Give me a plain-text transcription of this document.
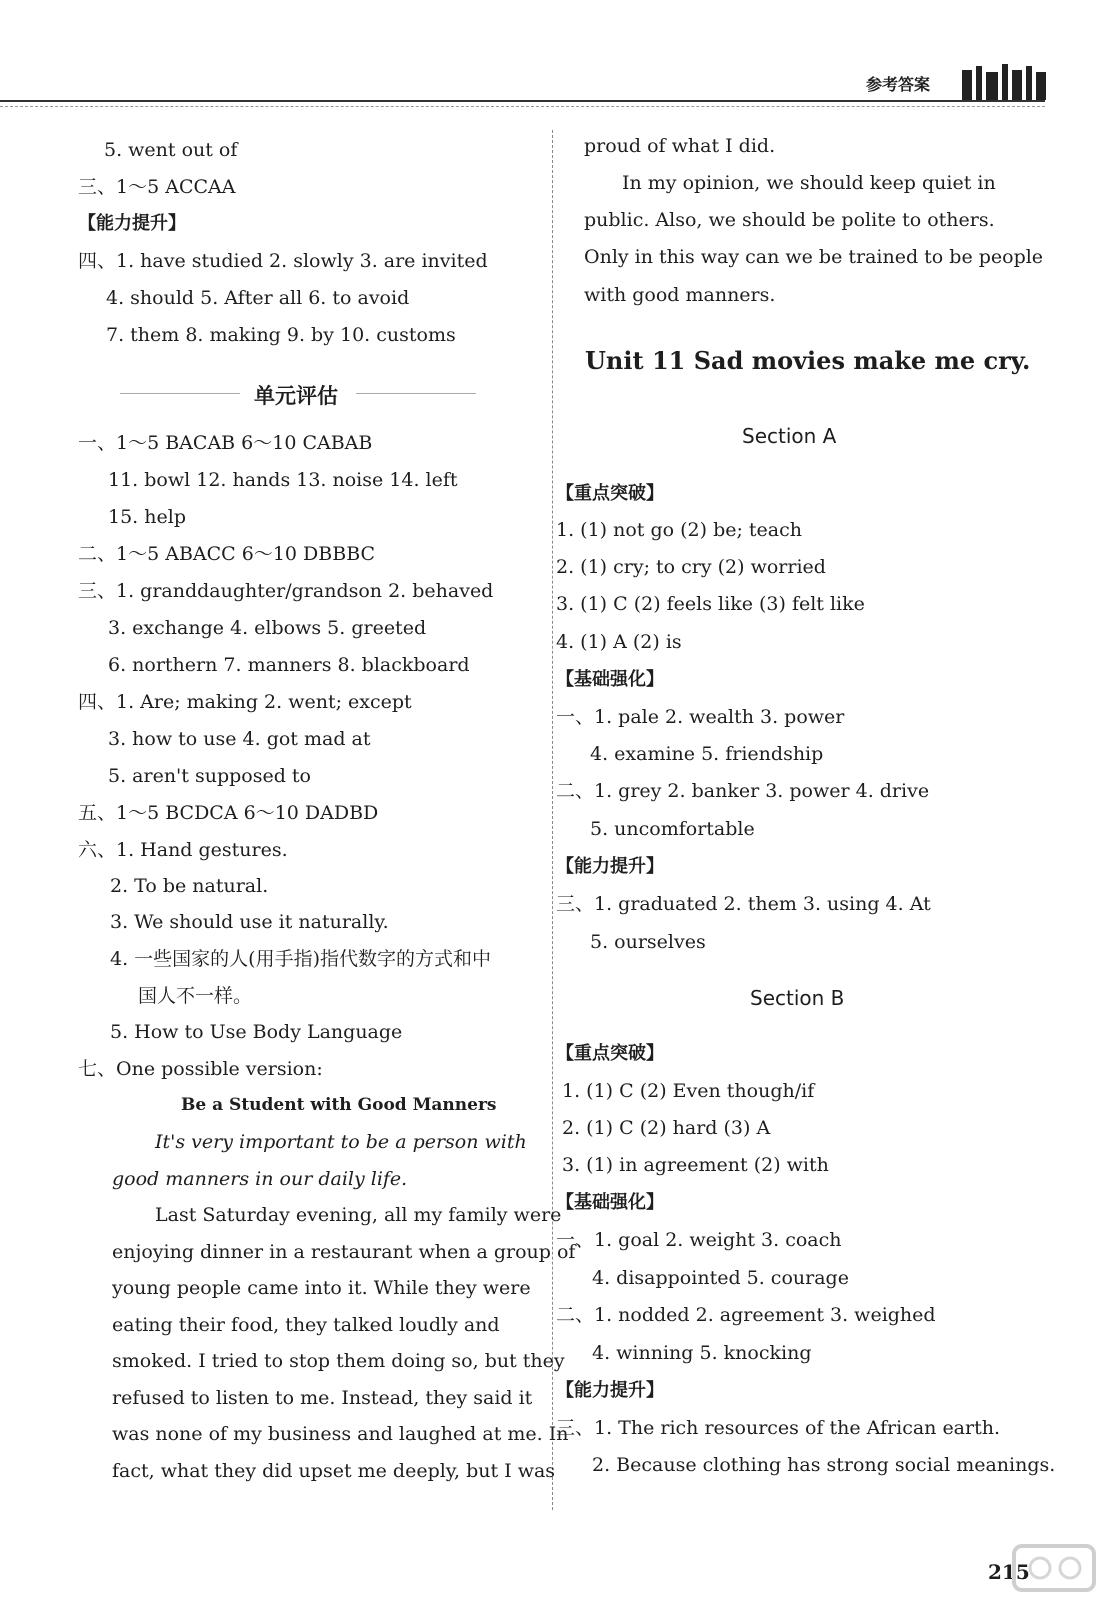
参考答案
5. went out of
三、1～5 ACCAA
【能力提升】
四、1. have studied 2. slowly 3. are invited
4. should 5. After all 6. to avoid
7. them 8. making 9. by 10. customs
一、1～5 BACAB 6～10 CABAB
11. bowl 12. hands 13. noise 14. left
15. help
二、1～5 ABACC 6～10 DBBBC
三、1. granddaughter/grandson 2. behaved
3. exchange 4. elbows 5. greeted
6. northern 7. manners 8. blackboard
四、1. Are; making 2. went; except
3. how to use 4. got mad at
5. aren't supposed to
五、1～5 BCDCA 6～10 DADBD
六、1. Hand gestures.
2. To be natural.
3. We should use it naturally.
4. 一些国家的人(用手指)指代数字的方式和中
国人不一样。
5. How to Use Body Language
七、One possible version:
Be a Student with Good Manners
It's very important to be a person with
good manners in our daily life.
Last Saturday evening, all my family were
enjoying dinner in a restaurant when a group of
young people came into it. While they were
eating their food, they talked loudly and
smoked. I tried to stop them doing so, but they
refused to listen to me. Instead, they said it
was none of my business and laughed at me. In
fact, what they did upset me deeply, but I was
单元评估
proud of what I did.
In my opinion, we should keep quiet in
public. Also, we should be polite to others.
Only in this way can we be trained to be people
with good manners.
【重点突破】
1. (1) not go (2) be; teach
2. (1) cry; to cry (2) worried
3. (1) C (2) feels like (3) felt like
4. (1) A (2) is
【基础强化】
一、1. pale 2. wealth 3. power
4. examine 5. friendship
二、1. grey 2. banker 3. power 4. drive
5. uncomfortable
【能力提升】
三、1. graduated 2. them 3. using 4. At
5. ourselves
【重点突破】
1. (1) C (2) Even though/if
2. (1) C (2) hard (3) A
3. (1) in agreement (2) with
【基础强化】
一、1. goal 2. weight 3. coach
4. disappointed 5. courage
二、1. nodded 2. agreement 3. weighed
4. winning 5. knocking
【能力提升】
三、1. The rich resources of the African earth.
2. Because clothing has strong social meanings.
Unit 11 Sad movies make me cry.
Section A
Section B
215
